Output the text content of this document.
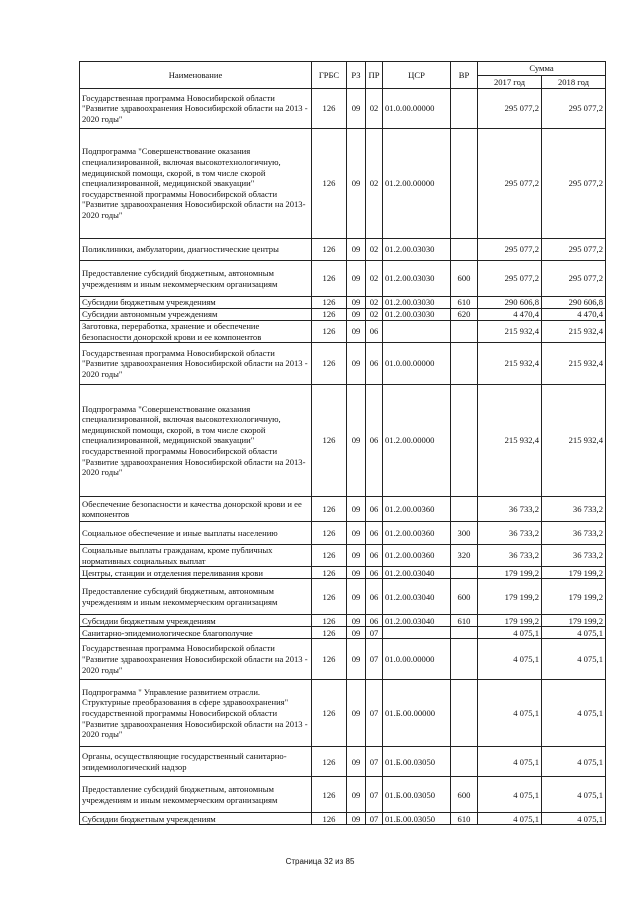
Наименование	ГРБС	РЗ	ПР	ЦСР	ВР	Сумма	
						2017 год	2018 год
Государственная программа Новосибирской области "Развитие здравоохранения Новосибирской области на 2013 - 2020 годы"	126	09	02	01.0.00.00000		295 077,2	295 077,2
Подпрограмма "Совершенствование оказания специализированной, включая высокотехнологичную, медицинской помощи, скорой, в том числе скорой специализированной, медицинской эвакуации" государственной программы Новосибирской области "Развитие здравоохранения Новосибирской области на 2013-2020 годы"	126	09	02	01.2.00.00000		295 077,2	295 077,2
Поликлиники, амбулатории, диагностические центры	126	09	02	01.2.00.03030		295 077,2	295 077,2
Предоставление субсидий бюджетным, автономным учреждениям и иным некоммерческим организациям	126	09	02	01.2.00.03030	600	295 077,2	295 077,2
Субсидии бюджетным учреждениям	126	09	02	01.2.00.03030	610	290 606,8	290 606,8
Субсидии автономным учреждениям	126	09	02	01.2.00.03030	620	4 470,4	4 470,4
Заготовка, переработка, хранение и обеспечение безопасности донорской крови и ее компонентов	126	09	06			215 932,4	215 932,4
Государственная программа Новосибирской области "Развитие здравоохранения Новосибирской области на 2013 - 2020 годы"	126	09	06	01.0.00.00000		215 932,4	215 932,4
Подпрограмма "Совершенствование оказания специализированной, включая высокотехнологичную, медицинской помощи, скорой, в том числе скорой специализированной, медицинской эвакуации" государственной программы Новосибирской области "Развитие здравоохранения Новосибирской области на 2013-2020 годы"	126	09	06	01.2.00.00000		215 932,4	215 932,4
Обеспечение безопасности и качества донорской крови и ее компонентов	126	09	06	01.2.00.00360		36 733,2	36 733,2
Социальное обеспечение и иные выплаты населению	126	09	06	01.2.00.00360	300	36 733,2	36 733,2
Социальные выплаты гражданам, кроме публичных нормативных социальных выплат	126	09	06	01.2.00.00360	320	36 733,2	36 733,2
Центры, станции и отделения переливания крови	126	09	06	01.2.00.03040		179 199,2	179 199,2
Предоставление субсидий бюджетным, автономным учреждениям и иным некоммерческим организациям	126	09	06	01.2.00.03040	600	179 199,2	179 199,2
Субсидии бюджетным учреждениям	126	09	06	01.2.00.03040	610	179 199,2	179 199,2
Санитарно-эпидемиологическое благополучие	126	09	07			4 075,1	4 075,1
Государственная программа Новосибирской области "Развитие здравоохранения Новосибирской области на 2013 - 2020 годы"	126	09	07	01.0.00.00000		4 075,1	4 075,1
Подпрограмма " Управление развитием отрасли. Структурные преобразования в сфере здравоохранения" государственной программы Новосибирской области "Развитие здравоохранения Новосибирской области на 2013 - 2020 годы"	126	09	07	01.Б.00.00000		4 075,1	4 075,1
Органы, осуществляющие государственный санитарно-эпидемиологический надзор	126	09	07	01.Б.00.03050		4 075,1	4 075,1
Предоставление субсидий бюджетным, автономным учреждениям и иным некоммерческим организациям	126	09	07	01.Б.00.03050	600	4 075,1	4 075,1
Субсидии бюджетным учреждениям	126	09	07	01.Б.00.03050	610	4 075,1	4 075,1
Страница 32 из 85
